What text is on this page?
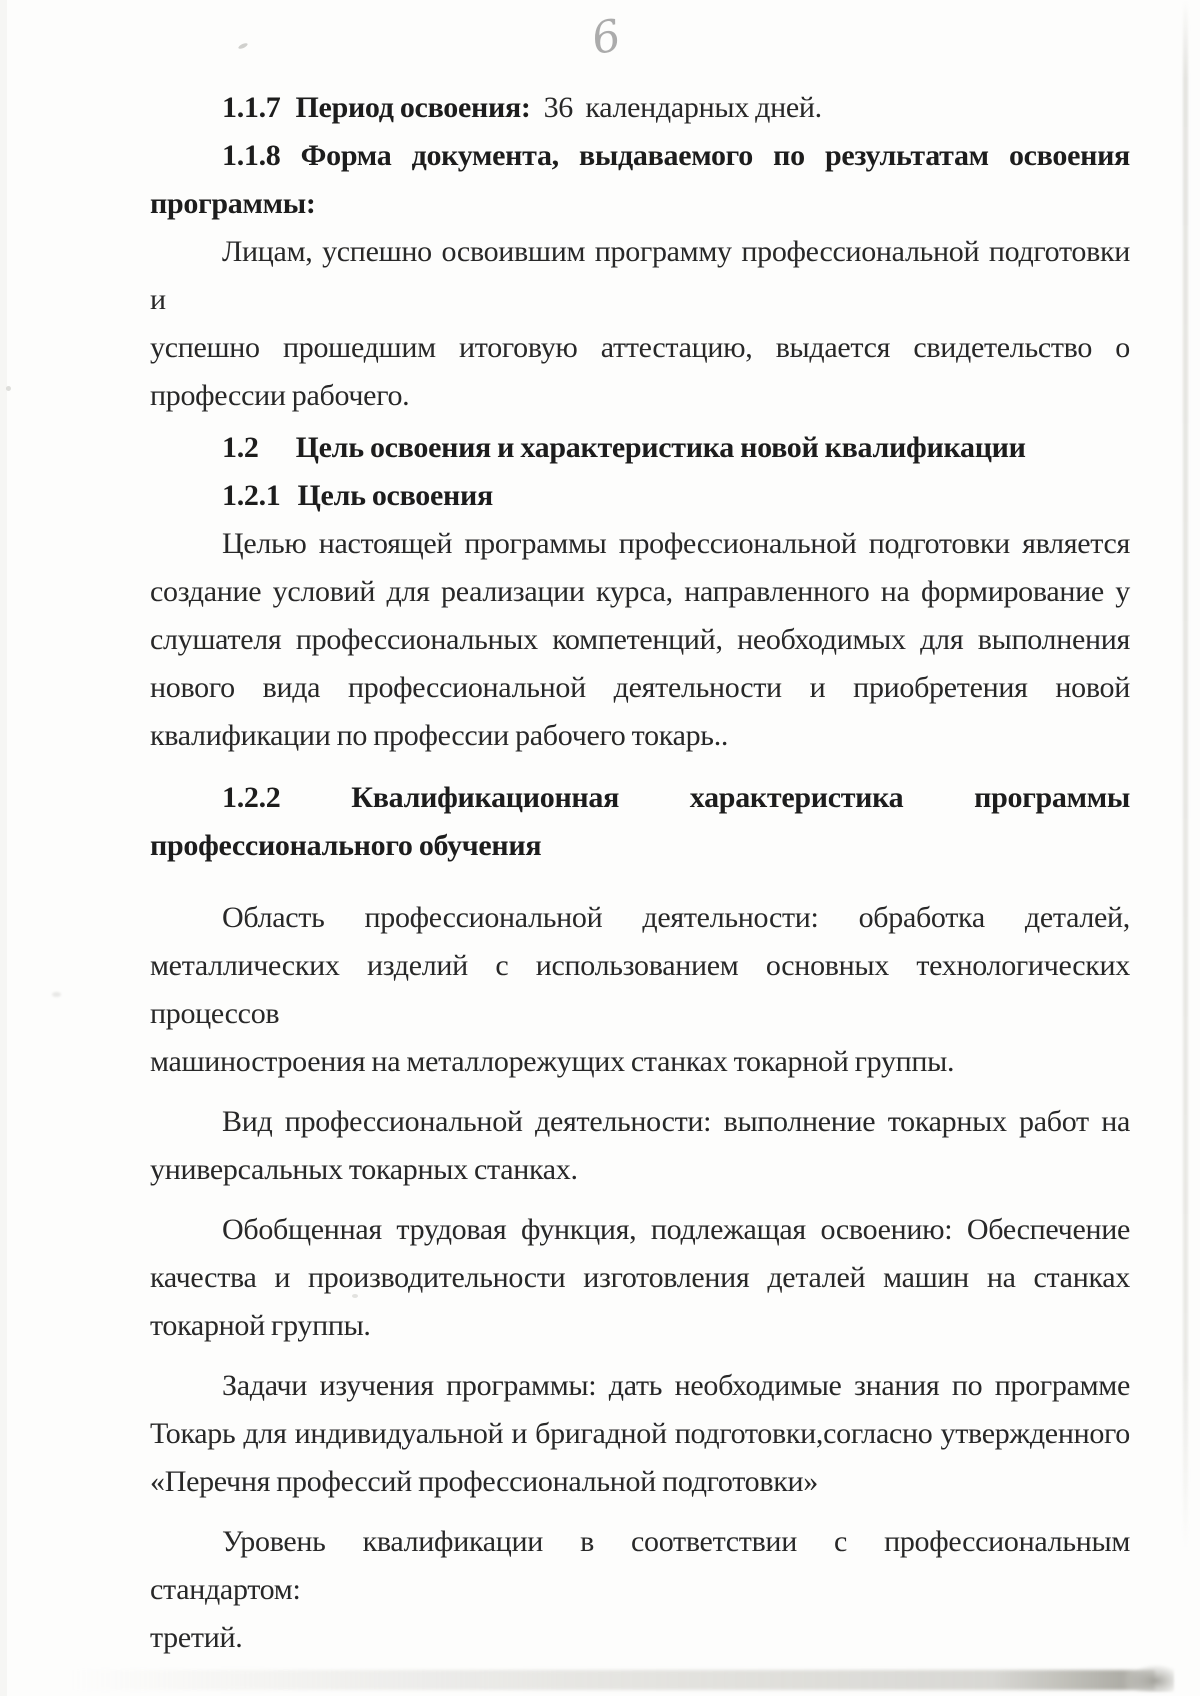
6

1.1.7 Период освоения: 36  календарных дней.

1.1.8 Форма документа, выдаваемого по результатам освоения
программы:
Лицам, успешно освоившим программу профессиональной подготовки и
успешно прошедшим итоговую аттестацию, выдается свидетельство о
профессии рабочего.

1.2 Цель освоения и характеристика новой квалификации

1.2.1 Цель освоения

Целью настоящей программы профессиональной подготовки является
создание условий для реализации курса, направленного на формирование у
слушателя профессиональных компетенций, необходимых для выполнения
нового вида профессиональной деятельности и приобретения новой
квалификации по профессии рабочего токарь..
1.2.2 Квалификационная характеристика программы
профессионального обучения
Область профессиональной деятельности: обработка деталей,
металлических изделий с использованием основных технологических процессов
машиностроения на металлорежущих станках токарной группы.
Вид профессиональной деятельности: выполнение токарных работ на
универсальных токарных станках.
Обобщенная трудовая функция, подлежащая освоению: Обеспечение
качества и производительности изготовления деталей машин на станках
токарной группы.
Задачи изучения программы: дать необходимые знания по программе
Токарь для индивидуальной и бригадной подготовки,согласно утвержденного
«Перечня профессий профессиональной подготовки»
Уровень квалификации в соответствии с профессиональным стандартом:
третий.
